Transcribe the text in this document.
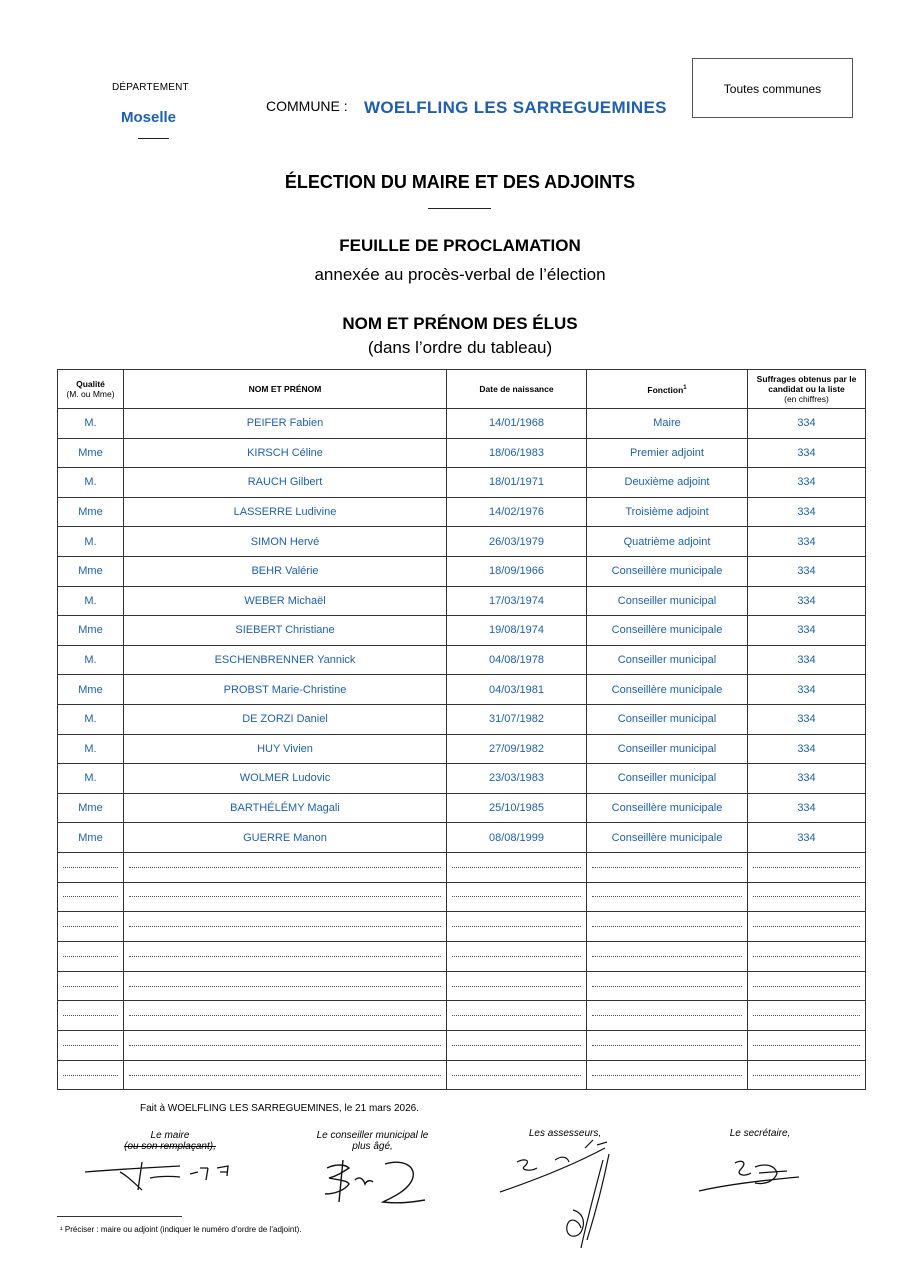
DÉPARTEMENT
Moselle
COMMUNE : WOELFLING LES SARREGUEMINES
Toutes communes
ÉLECTION DU MAIRE ET DES ADJOINTS
FEUILLE DE PROCLAMATION
annexée au procès-verbal de l’élection
NOM ET PRÉNOM DES ÉLUS
(dans l’ordre du tableau)
Qualité
(M. ou Mme)	NOM ET PRÉNOM	Date de naissance	Fonction$^1$	Suffrages obtenus par le candidat ou la liste
(en chiffres)
M.	PEIFER Fabien	14/01/1968	Maire	334
Mme	KIRSCH Céline	18/06/1983	Premier adjoint	334
M.	RAUCH Gilbert	18/01/1971	Deuxième adjoint	334
Mme	LASSERRE Ludivine	14/02/1976	Troisième adjoint	334
M.	SIMON Hervé	26/03/1979	Quatrième adjoint	334
Mme	BEHR Valérie	18/09/1966	Conseillère municipale	334
M.	WEBER Michaël	17/03/1974	Conseiller municipal	334
Mme	SIEBERT Christiane	19/08/1974	Conseillère municipale	334
M.	ESCHENBRENNER Yannick	04/08/1978	Conseiller municipal	334
Mme	PROBST Marie-Christine	04/03/1981	Conseillère municipale	334
M.	DE ZORZI Daniel	31/07/1982	Conseiller municipal	334
M.	HUY Vivien	27/09/1982	Conseiller municipal	334
M.	WOLMER Ludovic	23/03/1983	Conseiller municipal	334
Mme	BARTHÉLÉMY Magali	25/10/1985	Conseillère municipale	334
Mme	GUERRE Manon	08/08/1999	Conseillère municipale	334

Fait à WOELFLING LES SARREGUEMINES, le 21 mars 2026.
Le maire
(ou son remplaçant),
Le conseiller municipal le
plus âgé,
Les assesseurs,	Le secrétaire,
¹ Préciser : maire ou adjoint (indiquer le numéro d’ordre de l’adjoint).
